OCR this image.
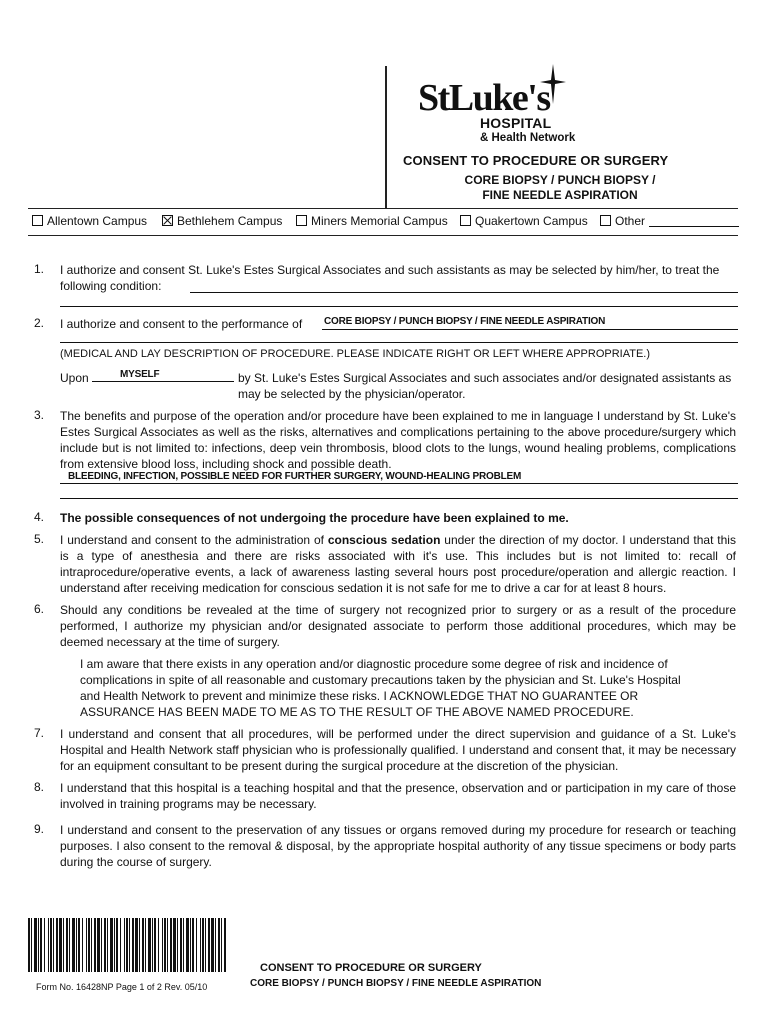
StLuke's
HOSPITAL
& Health Network
CONSENT TO PROCEDURE OR SURGERY
CORE BIOPSY / PUNCH BIOPSY /
FINE NEEDLE ASPIRATION
Allentown Campus	Bethlehem Campus	Miners Memorial Campus	Quakertown Campus	Other
1. I authorize and consent St. Luke's Estes Surgical Associates and such assistants as may be selected by him/her, to treat the following condition:
2. I authorize and consent to the performance of	CORE BIOPSY / PUNCH BIOPSY / FINE NEEDLE ASPIRATION
(MEDICAL AND LAY DESCRIPTION OF PROCEDURE. PLEASE INDICATE RIGHT OR LEFT WHERE APPROPRIATE.)
Upon	MYSELF	by St. Luke's Estes Surgical Associates and such associates and/or designated assistants as may be selected by the physician/operator.
3. The benefits and purpose of the operation and/or procedure have been explained to me in language I understand by St. Luke's Estes Surgical Associates as well as the risks, alternatives and complications pertaining to the above procedure/surgery which include but is not limited to: infections, deep vein thrombosis, blood clots to the lungs, wound healing problems, complications from extensive blood loss, including shock and possible death.
BLEEDING, INFECTION, POSSIBLE NEED FOR FURTHER SURGERY, WOUND-HEALING PROBLEM
4. The possible consequences of not undergoing the procedure have been explained to me.
5. I understand and consent to the administration of conscious sedation under the direction of my doctor. I understand that this is a type of anesthesia and there are risks associated with it's use. This includes but is not limited to: recall of intraprocedure/operative events, a lack of awareness lasting several hours post procedure/operation and allergic reaction. I understand after receiving medication for conscious sedation it is not safe for me to drive a car for at least 8 hours.
6. Should any conditions be revealed at the time of surgery not recognized prior to surgery or as a result of the procedure performed, I authorize my physician and/or designated associate to perform those additional procedures, which may be deemed necessary at the time of surgery.
I am aware that there exists in any operation and/or diagnostic procedure some degree of risk and incidence of complications in spite of all reasonable and customary precautions taken by the physician and St. Luke's Hospital and Health Network to prevent and minimize these risks. I ACKNOWLEDGE THAT NO GUARANTEE OR ASSURANCE HAS BEEN MADE TO ME AS TO THE RESULT OF THE ABOVE NAMED PROCEDURE.
7. I understand and consent that all procedures, will be performed under the direct supervision and guidance of a St. Luke's Hospital and Health Network staff physician who is professionally qualified. I understand and consent that, it may be necessary for an equipment consultant to be present during the surgical procedure at the discretion of the physician.
8. I understand that this hospital is a teaching hospital and that the presence, observation and or participation in my care of those involved in training programs may be necessary.
9. I understand and consent to the preservation of any tissues or organs removed during my procedure for research or teaching purposes. I also consent to the removal & disposal, by the appropriate hospital authority of any tissue specimens or body parts during the course of surgery.
Form No. 16428NP Page 1 of 2 Rev. 05/10
CONSENT TO PROCEDURE OR SURGERY
CORE BIOPSY / PUNCH BIOPSY / FINE NEEDLE ASPIRATION
